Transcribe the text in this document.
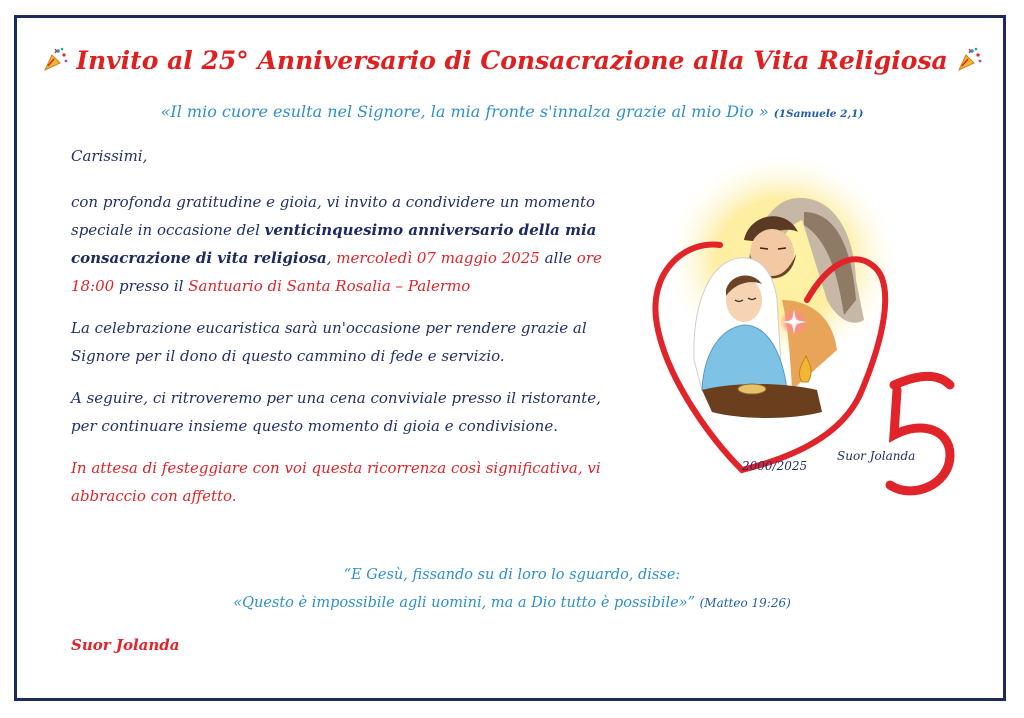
Invito al 25° Anniversario di Consacrazione alla Vita Religiosa
«Il mio cuore esulta nel Signore, la mia fronte s'innalza grazie al mio Dio » (1Samuele 2,1)

Carissimi,

con profonda gratitudine e gioia, vi invito a condividere un momento speciale in occasione del venticinquesimo anniversario della mia consacrazione di vita religiosa, mercoledì 07 maggio 2025 alle ore 18:00 presso il Santuario di Santa Rosalia – Palermo

La celebrazione eucaristica sarà un'occasione per rendere grazie al Signore per il dono di questo cammino di fede e servizio.

A seguire, ci ritroveremo per una cena conviviale presso il ristorante, per continuare insieme questo momento di gioia e condivisione.

In attesa di festeggiare con voi questa ricorrenza così significativa, vi abbraccio con affetto.

2000/2025
Suor Jolanda
“E Gesù, fissando su di loro lo sguardo, disse:
«Questo è impossibile agli uomini, ma a Dio tutto è possibile»” (Matteo 19:26)
Suor Jolanda
